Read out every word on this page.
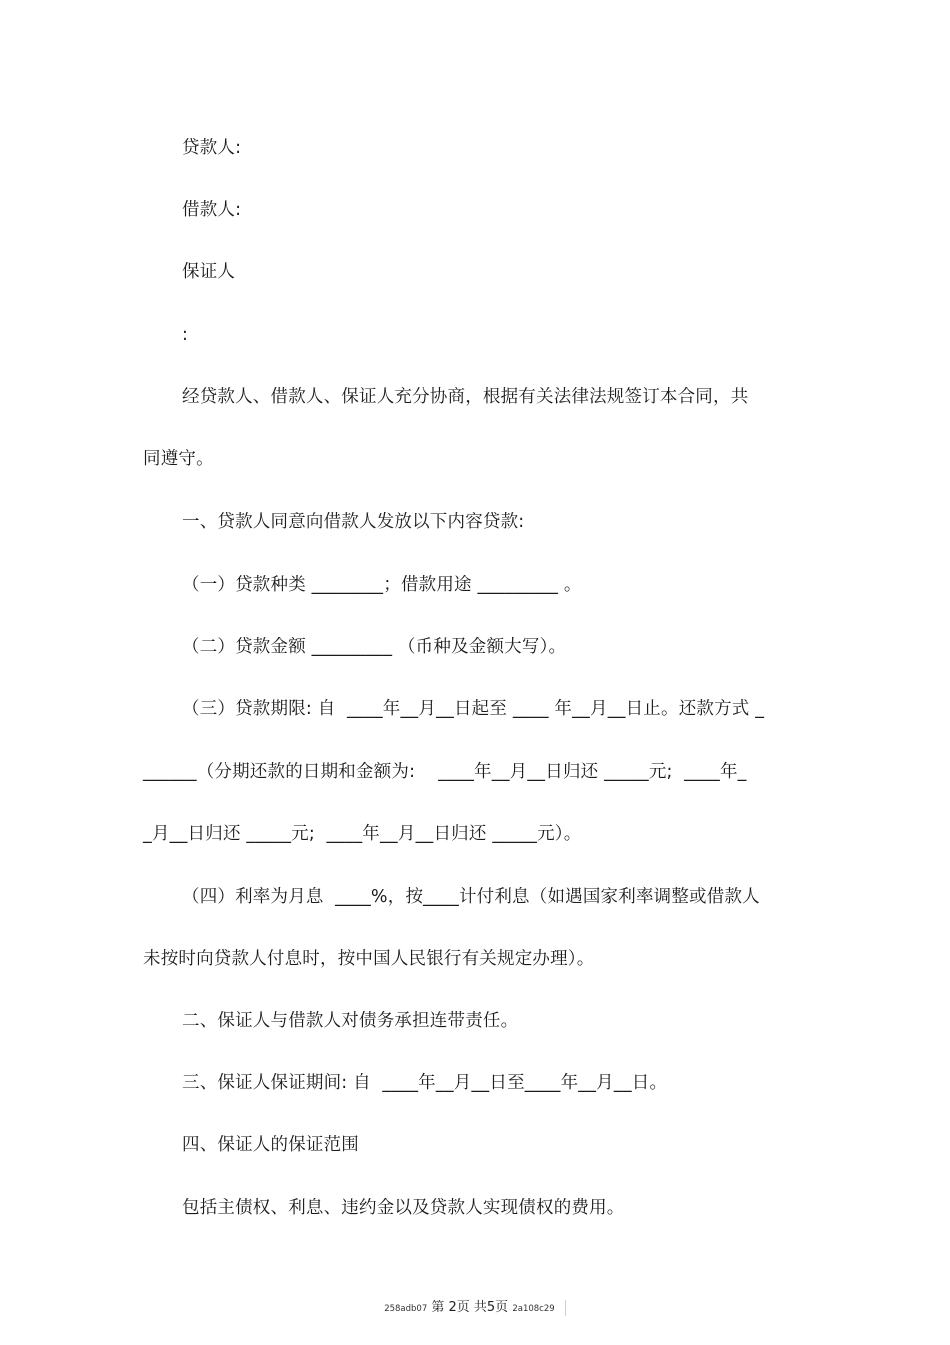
贷款人:
借款人:
保证人
:
经贷款人、借款人、保证人充分协商，根据有关法律法规签订本合同，共
同遵守。
一、贷款人同意向借款人发放以下内容贷款:
（一）贷款种类 ________；借款用途 _________ 。
（二）贷款金额 _________ （币种及金额大写）。
（三）贷款期限: 自  ____年__月__日起至 ____ 年__月__日止。还款方式 _
______（分期还款的日期和金额为:    ____年__月__日归还 _____元;  ____年_
_月__日归还 _____元;  ____年__月__日归还 _____元）。
（四）利率为月息  ____%，按____计付利息（如遇国家利率调整或借款人
未按时向贷款人付息时，按中国人民银行有关规定办理）。
二、保证人与借款人对债务承担连带责任。
三、保证人保证期间: 自  ____年__月__日至____年__月__日。
四、保证人的保证范围
包括主债权、利息、违约金以及贷款人实现债权的费用。
258adb07 第 2页 共5页 2a108c29
